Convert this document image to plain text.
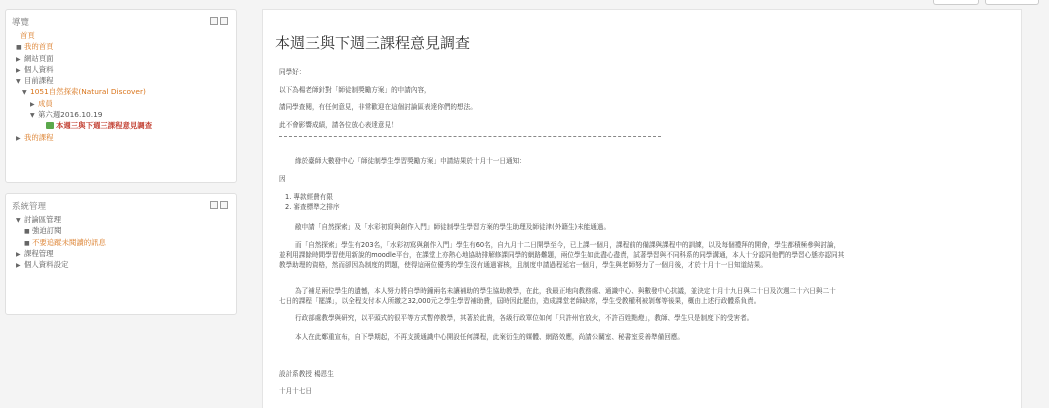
導覽
首頁
■ 我的首頁
▶ 網站頁面
▶ 個人資料
▼ 目前課程
▼ 1051自然探索(Natural Discover)
▶ 成員
▼ 第六週2016.10.19
本週三與下週三課程意見調查
▶ 我的課程
系統管理
▼ 討論區管理
■ 強迫訂閱
■ 不要追蹤未閱讀的訊息
▶ 課程管理
▶ 個人資料設定
本週三與下週三課程意見調查
同學好：
以下為楊老師針對「師徒制獎勵方案」的申請內容，
請同學查閱，有任何意見，非常歡迎在這個討論區表達你們的想法。
此不會影響成績，請各位放心表達意見！
緣於臺師大數發中心「師徒制學生學習獎勵方案」申請結果於十月十一日通知：
因
1. 專款經費有限
2. 審查標準之排序
敝申請「自然探索」及「水彩初寫與創作入門」師徒制學生學習方案的學生助理及師徒津(外籍生)未能通過。
而「自然探索」學生有203名，「水彩初寫與創作入門」學生有60名，自九月十二日開學至今，已上課一個月，課程前的備課與課程中的訓練，以及每個禮拜的開會，學生都積極參與討論，
並利用課餘時間學習使用新說的moodle平台，在課堂上亦熱心地協助排解修課同學的網路難題，兩位學生如此盡心盡責，試著學習與不同科系的同學溝通，本人十分認同他們的學習心態亦認同其
教學助理的資格，然而卻因為制度的問題，使得這兩位優秀的學生沒有通過審核，且制度申請過程延宕一個月，學生與老師努力了一個月後，才於十月十一日知道結果。
為了補足兩位學生的遺憾，本人努力將自學時鐘兩名未讓補助的學生協助教學，在此，我最正地向教務處、通識中心、與數發中心抗議，並決定十月十九日與二十日及次週二十六日與二十
七日的課程「罷課」，以全程支付本人所繳之32,000元之學生學習補助費，屆時因此罷由，造成課堂老師缺席，學生受教權利被剝奪等後果，概由上述行政體系負責。
行政部處教學與研究，以平頭式的很平等方式暫停教學，其著於此貴，各級行政單位如何「只許州官放火，不許百姓點燈」，教師、學生只是制度下的受害者。
本人在此鄭重宣布，自下學期起，不再支援通識中心開設任何課程，此案衍生的媒體、網路效應，尚請公關室、秘書室妥善準備回應。
設計系教授 楊恩生
十月十七日
